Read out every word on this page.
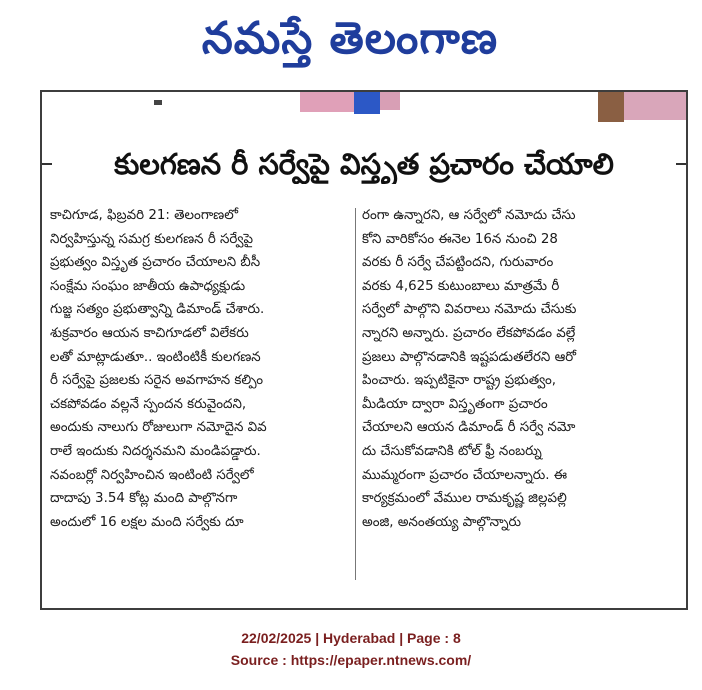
నమస్తే తెలంగాణ
కులగణన రీ సర్వేపై విస్తృత ప్రచారం చేయాలి
కాచిగూడ, ఫిబ్రవరి 21: తెలంగాణలో
నిర్వహిస్తున్న సమగ్ర కులగణన రీ సర్వేపై
ప్రభుత్వం విస్తృత ప్రచారం చేయాలని బీసీ
సంక్షేమ సంఘం జాతీయ ఉపాధ్యక్షుడు
గుజ్జ సత్యం ప్రభుత్వాన్ని డిమాండ్ చేశారు.
శుక్రవారం ఆయన కాచిగూడలో విలేకరు
లతో మాట్లాడుతూ.. ఇంటింటికీ కులగణన
రీ సర్వేపై ప్రజలకు సరైన అవగాహన కల్పిం
చకపోవడం వల్లనే స్పందన కరువైందని,
అందుకు నాలుగు రోజులుగా నమోదైన వివ
రాలే ఇందుకు నిదర్శనమని మండిపడ్డారు.
నవంబర్లో నిర్వహించిన ఇంటింటి సర్వేలో
దాదాపు 3.54 కోట్ల మంది పాల్గొనగా
అందులో 16 లక్షల మంది సర్వేకు దూ
రంగా ఉన్నారని, ఆ సర్వేలో నమోదు చేసు
కోని వారికోసం ఈనెల 16న నుంచి 28
వరకు రీ సర్వే చేపట్టిందని, గురువారం
వరకు 4,625 కుటుంబాలు మాత్రమే రీ
సర్వేలో పాల్గొని వివరాలు నమోదు చేసుకు
న్నారని అన్నారు. ప్రచారం లేకపోవడం వల్లే
ప్రజలు పాల్గొనడానికి ఇష్టపడుతలేరని ఆరో
పించారు. ఇప్పటికైనా రాష్ట్ర ప్రభుత్వం,
మీడియా ద్వారా విస్తృతంగా ప్రచారం
చేయాలని ఆయన డిమాండ్ రీ సర్వే నమో
దు చేసుకోవడానికి టోల్ ఫ్రీ నంబర్ను
ముమ్మరంగా ప్రచారం చేయాలన్నారు. ఈ
కార్యక్రమంలో వేముల రామకృష్ణ జిల్లపల్లి
అంజి, అనంతయ్య పాల్గొన్నారు
22/02/2025 | Hyderabad | Page : 8
Source : https://epaper.ntnews.com/
